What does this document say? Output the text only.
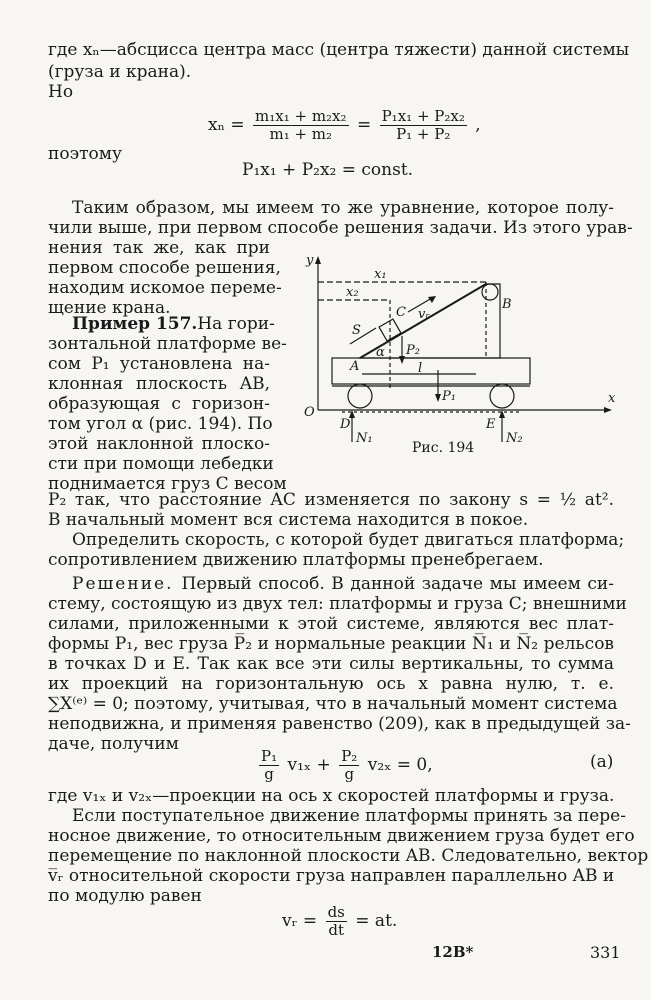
где xₙ—абсцисса центра масс (центра тяжести) данной системы
(груза и крана).
Но
$x_n = \frac{\text{m₁x₁ + m₂x₂}}{\text{m₁ + m₂}} = \frac{\text{P₁x₁ + P₂x₂}}{\text{P₁ + P₂}}$ ,
поэтому
P₁x₁ + P₂x₂ = const.
Таким образом, мы имеем то же уравнение, которое полу-
чили выше, при первом способе решения задачи. Из этого урав-
нения так же, как при
первом способе решения,
находим искомое переме-
щение крана.
Пример 157. На гори-
зонтальной платформе ве-
сом P₁ установлена на-
клонная плоскость AB,
образующая с горизон-
том угол α (рис. 194). По
этой наклонной плоско-
сти при помощи лебедки
поднимается груз C весом
P₂ так, что расстояние AC изменяется по закону s = ½ at².
В начальный момент вся система находится в покое.
Определить скорость, с которой будет двигаться платформа;
сопротивлением движению платформы пренебрегаем.
Решение. Первый способ. В данной задаче мы имеем си-
стему, состоящую из двух тел: платформы и груза C; внешними
силами, приложенными к этой системе, являются вес плат-
формы P₁, вес груза P̅₂ и нормальные реакции N̅₁ и N̅₂ рельсов
в точках D и E. Так как все эти силы вертикальны, то сумма
их проекций на горизонтальную ось x равна нулю, т. е.
∑X⁽ᵉ⁾ = 0; поэтому, учитывая, что в начальный момент система
неподвижна, и применяя равенство (209), как в предыдущей за-
даче, получим
$\frac{\text{P₁}}{g} v_{1x} + \frac{\text{P₂}}{g} v_{2x} = 0$,	(a)
где v₁ₓ и v₂ₓ—проекции на ось x скоростей платформы и груза.
Если поступательное движение платформы принять за пере-
носное движение, то относительным движением груза будет его
перемещение по наклонной плоскости AB. Следовательно, вектор
v̅ᵣ относительной скорости груза направлен параллельно AB и
по модулю равен
vᵣ = $\frac{ds}{dt}$ = at.
y
x
O
x₁
x₂
S
C vᵣ
B
P₂
A
α
l
P₁
D	E
N₁	N₂
Рис. 194
12B*	331
